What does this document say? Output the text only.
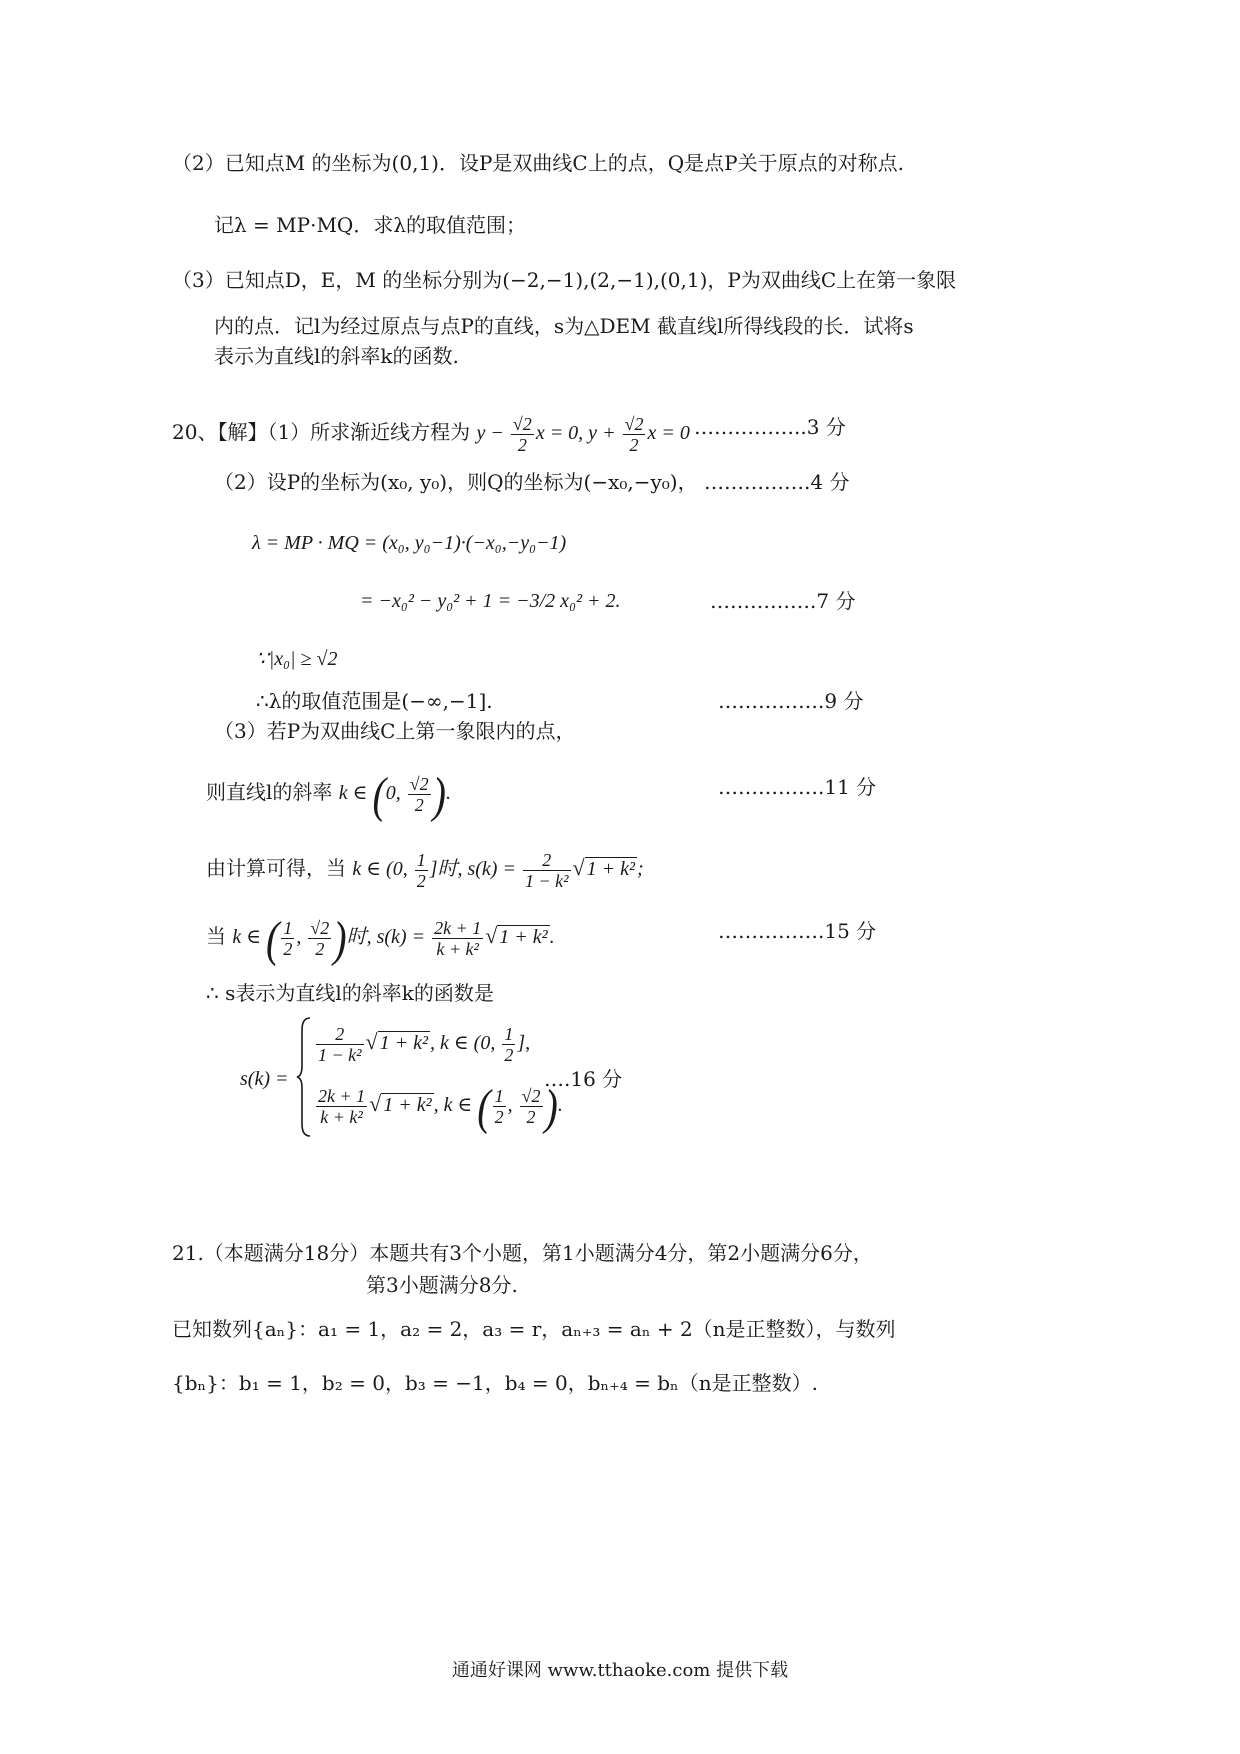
（2）已知点M 的坐标为(0,1)．设P是双曲线C上的点，Q是点P关于原点的对称点.
记λ = MP·MQ．求λ的取值范围；
（3）已知点D，E，M 的坐标分别为(−2,−1),(2,−1),(0,1)，P为双曲线C上在第一象限
内的点．记l为经过原点与点P的直线，s为△DEM 截直线l所得线段的长．试将s
表示为直线l的斜率k的函数.
20、【解】（1）所求渐近线方程为 $y - \frac{√2}{2}$ x = 0, $y + \frac{√2}{2}$ x = 0 ……………..3 分
（2）设P的坐标为(x₀, y₀)，则Q的坐标为(−x₀,−y₀)， …………….4 分
λ = MP · MQ = (x₀, y₀−1)·(−x₀,−y₀−1)
= −x₀² − y₀² + 1 = −3/2 x₀² + 2.	…………….7 分
∵|x₀| ≥ √2
∴λ的取值范围是(−∞,−1].	…………….9 分
（3）若P为双曲线C上第一象限内的点，
则直线l的斜率 k ∈ (0, $\frac{√2}{2}$ ).	…………….11 分
由计算可得，当 k ∈ (0, $\frac{1}{2}$ ]时, $s(k) = \frac{2}{\text{1 − k²}}$ √ 1 + k² ;
当 k ∈ ( $\frac{1}{2}$ , $\frac{√2}{2}$ )时, $s(k) = \frac{2k + 1}{\text{k + k²}}$ √ 1 + k² .	…………….15 分
∴ s表示为直线l的斜率k的函数是
s(k) =
$\frac{2}{\text{1 − k²}}$ √ 1 + k² , k ∈ (0, $\frac{1}{2}$ ],
$\frac{2k + 1}{\text{k + k²}}$ √ 1 + k² , k ∈ ( $\frac{1}{2}$ , $\frac{√2}{2}$ ).
….16 分
21.（本题满分18分）本题共有3个小题，第1小题满分4分，第2小题满分6分，
第3小题满分8分.
已知数列{aₙ}：a₁ = 1，a₂ = 2，a₃ = r，aₙ₊₃ = aₙ + 2（n是正整数），与数列
{bₙ}：b₁ = 1，b₂ = 0，b₃ = −1，b₄ = 0，bₙ₊₄ = bₙ（n是正整数）.
通通好课网 www.tthaoke.com 提供下载
